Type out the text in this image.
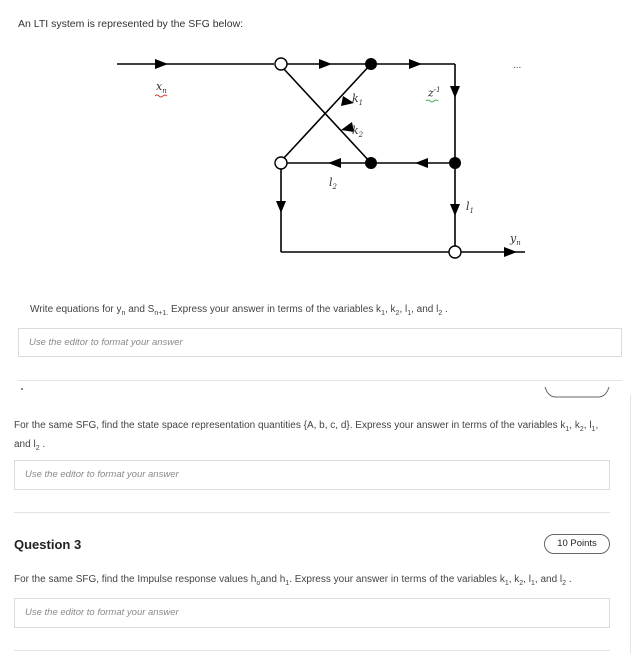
An LTI system is represented by the SFG below:
...
$x_n$
$k_1$
$k_2$
$z^{-1}$
$l_2$
$l_1$
$y_n$
Write equations for $y_n$ and $S_{n+1.}$ Express your answer in terms of the variables $k_1$, $k_2$, $l_1$, and $l_2$ .
Use the editor to format your answer
For the same SFG, find the state space representation quantities {A, b, c, d}. Express your answer in terms of the variables $k_1$, $k_2$, $l_1$,
and $l_2$ .
Use the editor to format your answer
Question 3	10 Points
For the same SFG, find the Impulse response values $h_oand$ $h_1$. Express your answer in terms of the variables $k_1$, $k_2$, $l_1$, and $l_2$ .
Use the editor to format your answer
